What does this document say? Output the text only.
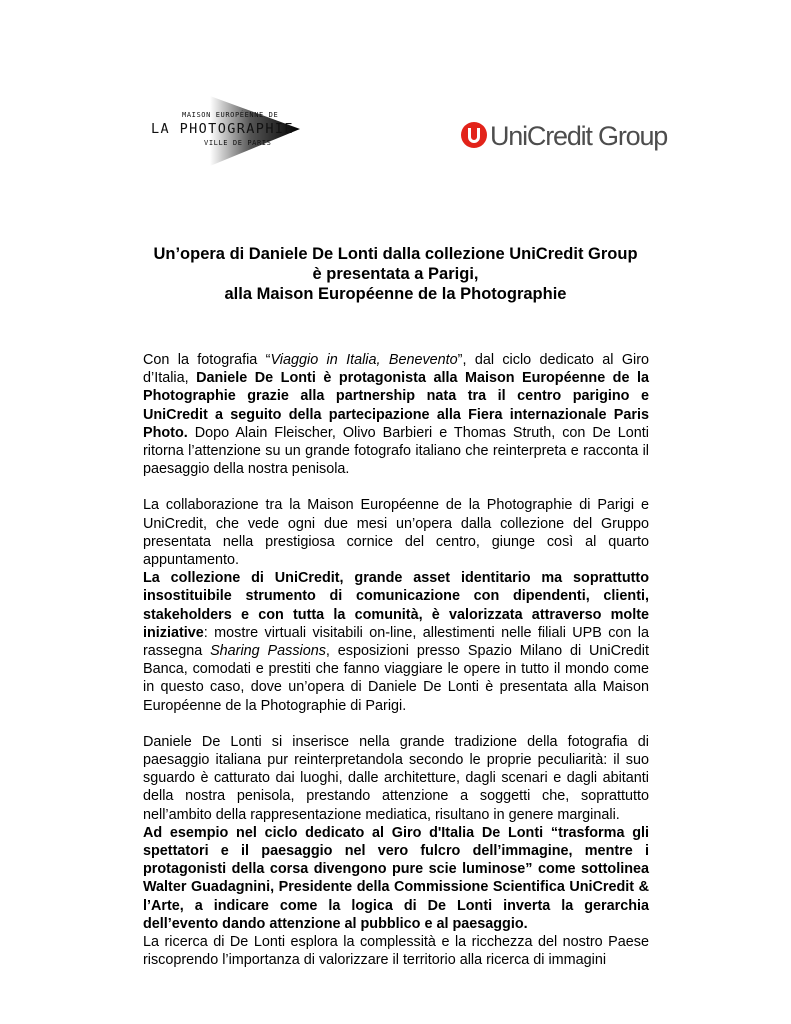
MAISON EUROPÉENNE DE
LA PHOTOGRAPHIE
VILLE DE PARIS	UniCredit Group
Un’opera di Daniele De Lonti dalla collezione UniCredit Group
è presentata a Parigi,
alla Maison Européenne de la Photographie

Con la fotografia “Viaggio in Italia, Benevento”, dal ciclo dedicato al Giro d’Italia, Daniele De Lonti è protagonista alla Maison Européenne de la Photographie grazie alla partnership nata tra il centro parigino e UniCredit a seguito della partecipazione alla Fiera internazionale Paris Photo. Dopo Alain Fleischer, Olivo Barbieri e Thomas Struth, con De Lonti ritorna l’attenzione su un grande fotografo italiano che reinterpreta e racconta il paesaggio della nostra penisola.

La collaborazione tra la Maison Européenne de la Photographie di Parigi e UniCredit, che vede ogni due mesi un’opera dalla collezione del Gruppo presentata nella prestigiosa cornice del centro, giunge così al quarto appuntamento.

La collezione di UniCredit, grande asset identitario ma soprattutto insostituibile strumento di comunicazione con dipendenti, clienti, stakeholders e con tutta la comunità, è valorizzata attraverso molte iniziative: mostre virtuali visitabili on-line, allestimenti nelle filiali UPB con la rassegna Sharing Passions, esposizioni presso Spazio Milano di UniCredit Banca, comodati e prestiti che fanno viaggiare le opere in tutto il mondo come in questo caso, dove un’opera di Daniele De Lonti è presentata alla Maison Européenne de la Photographie di Parigi.

Daniele De Lonti si inserisce nella grande tradizione della fotografia di paesaggio italiana pur reinterpretandola secondo le proprie peculiarità: il suo sguardo è catturato dai luoghi, dalle architetture, dagli scenari e dagli abitanti della nostra penisola, prestando attenzione a soggetti che, soprattutto nell’ambito della rappresentazione mediatica, risultano in genere marginali.

Ad esempio nel ciclo dedicato al Giro d'Italia De Lonti “trasforma gli spettatori e il paesaggio nel vero fulcro dell’immagine, mentre i protagonisti della corsa divengono pure scie luminose” come sottolinea Walter Guadagnini, Presidente della Commissione Scientifica UniCredit & l’Arte, a indicare come la logica di De Lonti inverta la gerarchia dell’evento dando attenzione al pubblico e al paesaggio.

La ricerca di De Lonti esplora la complessità e la ricchezza del nostro Paese riscoprendo l’importanza di valorizzare il territorio alla ricerca di immagini
